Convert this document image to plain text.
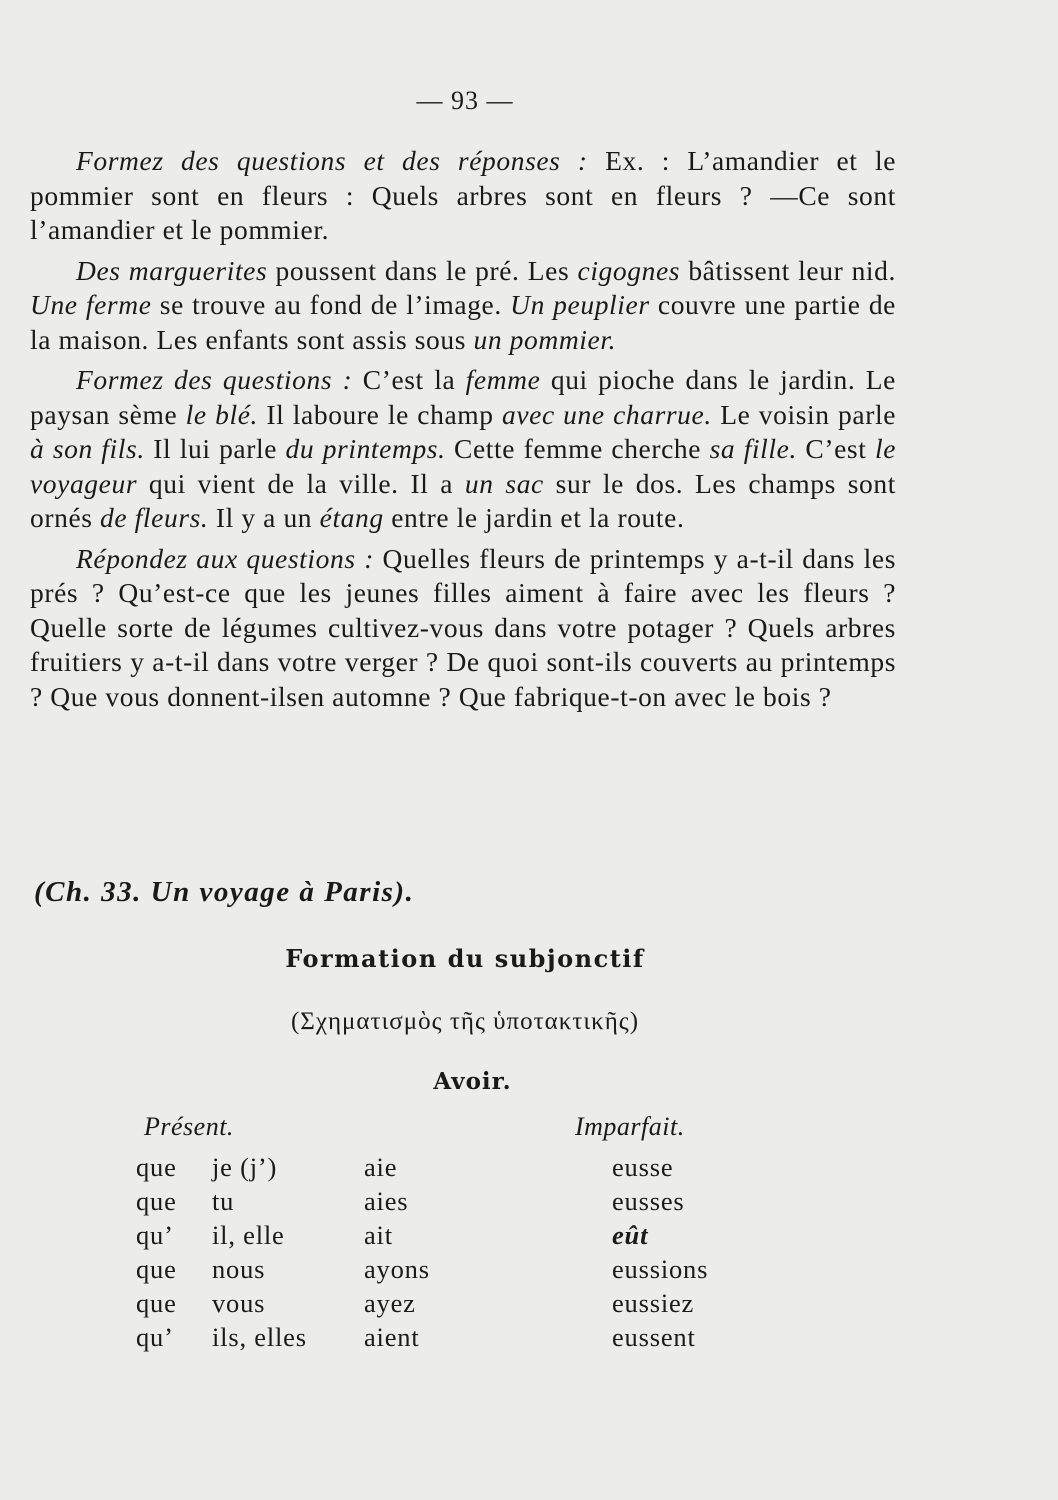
— 93 —

Formez des questions et des réponses : Ex. : L’amandier et le pommier sont en fleurs : Quels arbres sont en fleurs ? —Ce sont l’amandier et le pommier.

Des marguerites poussent dans le pré. Les cigognes bâtissent leur nid. Une ferme se trouve au fond de l’image. Un peuplier couvre une partie de la maison. Les enfants sont assis sous un pommier.

Formez des questions : C’est la femme qui pioche dans le jardin. Le paysan sème le blé. Il laboure le champ avec une charrue. Le voisin parle à son fils. Il lui parle du printemps. Cette femme cherche sa fille. C’est le voyageur qui vient de la ville. Il a un sac sur le dos. Les champs sont ornés de fleurs. Il y a un étang entre le jardin et la route.

Répondez aux questions : Quelles fleurs de printemps y a-t-il dans les prés ? Qu’est-ce que les jeunes filles aiment à faire avec les fleurs ? Quelle sorte de légumes cultivez-vous dans votre potager ? Quels arbres fruitiers y a-t-il dans votre verger ? De quoi sont-ils couverts au printemps ? Que vous donnent-ilsen automne ? Que fabrique-t-on avec le bois ?

(Ch. 33. Un voyage à Paris).
Formation du subjonctif
(Σχηματισμὸς τῆς ὑποτακτικῆς)
Avoir.
Présent.	Imparfait.
que	je (j’)	aie	eusse
que	tu	aies	eusses
qu’	il, elle	ait	eût
que	nous	ayons	eussions
que	vous	ayez	eussiez
qu’	ils, elles	aient	eussent
